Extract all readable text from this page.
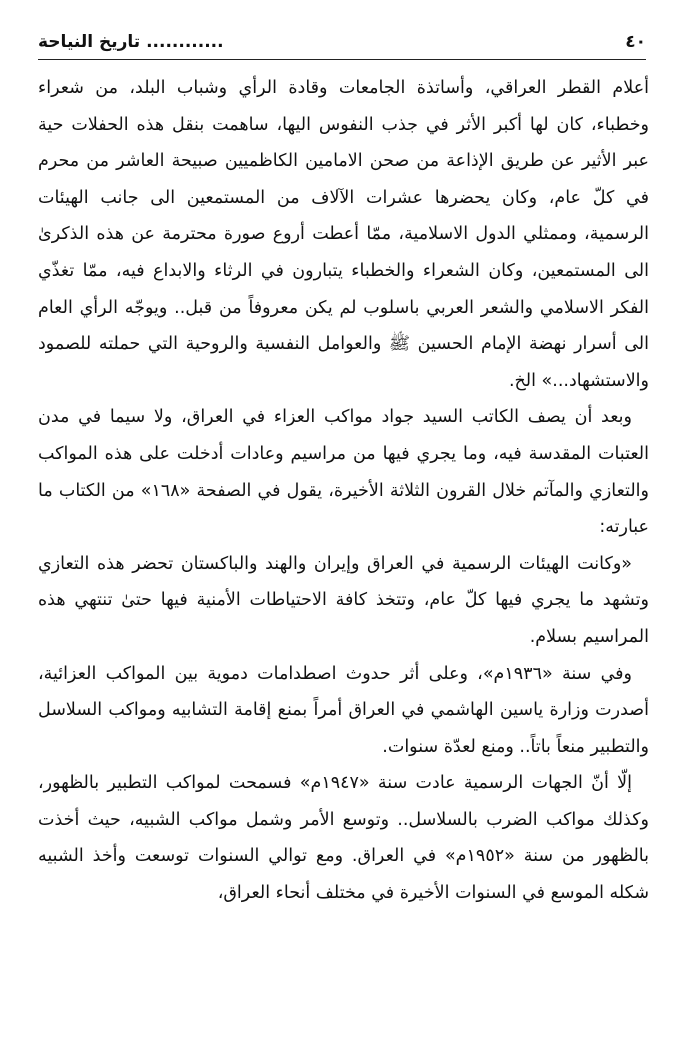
............ تاريخ النياحة	٤٠

أعلام القطر العراقي، وأساتذة الجامعات وقادة الرأي وشباب البلد، من شعراء وخطباء، كان لها أكبر الأثر في جذب النفوس اليها، ساهمت بنقل هذه الحفلات حية عبر الأثير عن طريق الإذاعة من صحن الامامين الكاظميين صبيحة العاشر من محرم في كلّ عام، وكان يحضرها عشرات الآلاف من المستمعين الى جانب الهيئات الرسمية، وممثلي الدول الاسلامية، ممّا أعطت أروع صورة محترمة عن هذه الذكرىٰ الى المستمعين، وكان الشعراء والخطباء يتبارون في الرثاء والابداع فيه، ممّا تغذّي الفكر الاسلامي والشعر العربي باسلوب لم يكن معروفاً من قبل.. ويوجّه الرأي العام الى أسرار نهضة الإمام الحسين ﷺ والعوامل النفسية والروحية التي حملته للصمود والاستشهاد...» الخ.

وبعد أن يصف الكاتب السيد جواد مواكب العزاء في العراق، ولا سيما في مدن العتبات المقدسة فيه، وما يجري فيها من مراسيم وعادات أدخلت على هذه المواكب والتعازي والمآتم خلال القرون الثلاثة الأخيرة، يقول في الصفحة «١٦٨» من الكتاب ما عبارته:

«وكانت الهيئات الرسمية في العراق وإيران والهند والباكستان تحضر هذه التعازي وتشهد ما يجري فيها كلّ عام، وتتخذ كافة الاحتياطات الأمنية فيها حتىٰ تنتهي هذه المراسيم بسلام.

وفي سنة «١٩٣٦م»، وعلى أثر حدوث اصطدامات دموية بين المواكب العزائية، أصدرت وزارة ياسين الهاشمي في العراق أمراً بمنع إقامة التشابيه ومواكب السلاسل والتطبير منعاً باتاً.. ومنع لعدّة سنوات.

إلّا أنّ الجهات الرسمية عادت سنة «١٩٤٧م» فسمحت لمواكب التطبير بالظهور، وكذلك مواكب الضرب بالسلاسل.. وتوسع الأمر وشمل مواكب الشبيه، حيث أخذت بالظهور من سنة «١٩٥٢م» في العراق. ومع توالي السنوات توسعت وأخذ الشبيه شكله الموسع في السنوات الأخيرة في مختلف أنحاء العراق،
